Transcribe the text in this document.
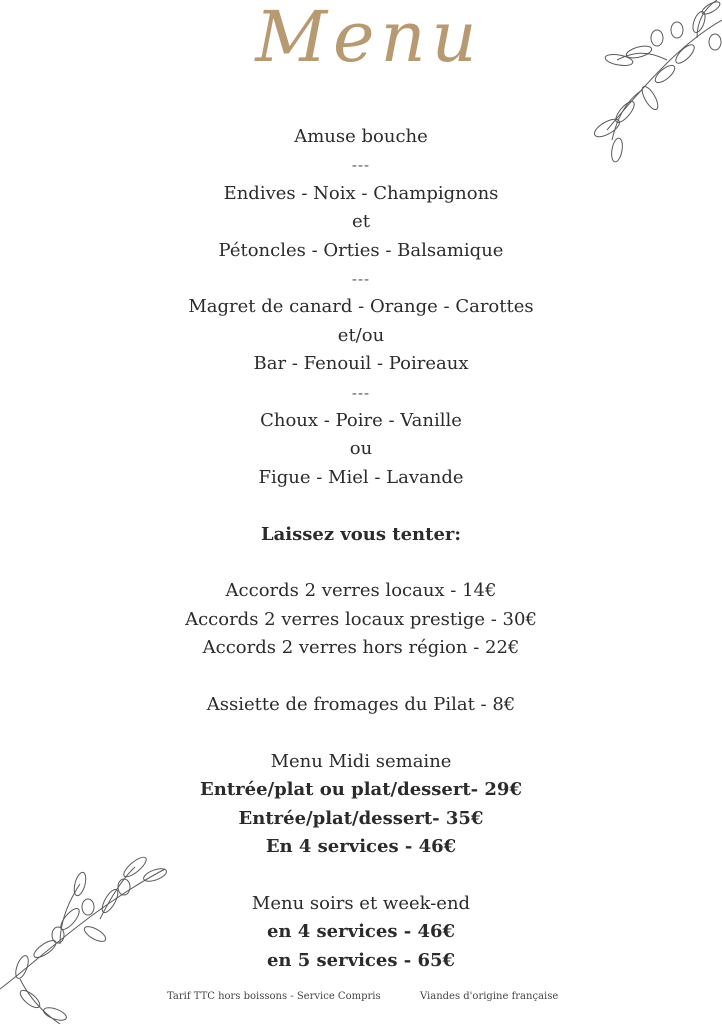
Menu
Amuse bouche
---
Endives - Noix - Champignons
et
Pétoncles - Orties - Balsamique
---
Magret de canard - Orange - Carottes
et/ou
Bar - Fenouil - Poireaux
---
Choux - Poire - Vanille
ou
Figue - Miel - Lavande
Laissez vous tenter:
Accords 2 verres locaux - 14€
Accords 2 verres locaux prestige - 30€
Accords 2 verres hors région - 22€
Assiette de fromages du Pilat - 8€
Menu Midi semaine
Entrée/plat ou plat/dessert- 29€
Entrée/plat/dessert- 35€
En 4 services - 46€
Menu soirs et week-end
en 4 services - 46€
en 5 services - 65€
Tarif TTC hors boissons - Service Compris	Viandes d'origine française
